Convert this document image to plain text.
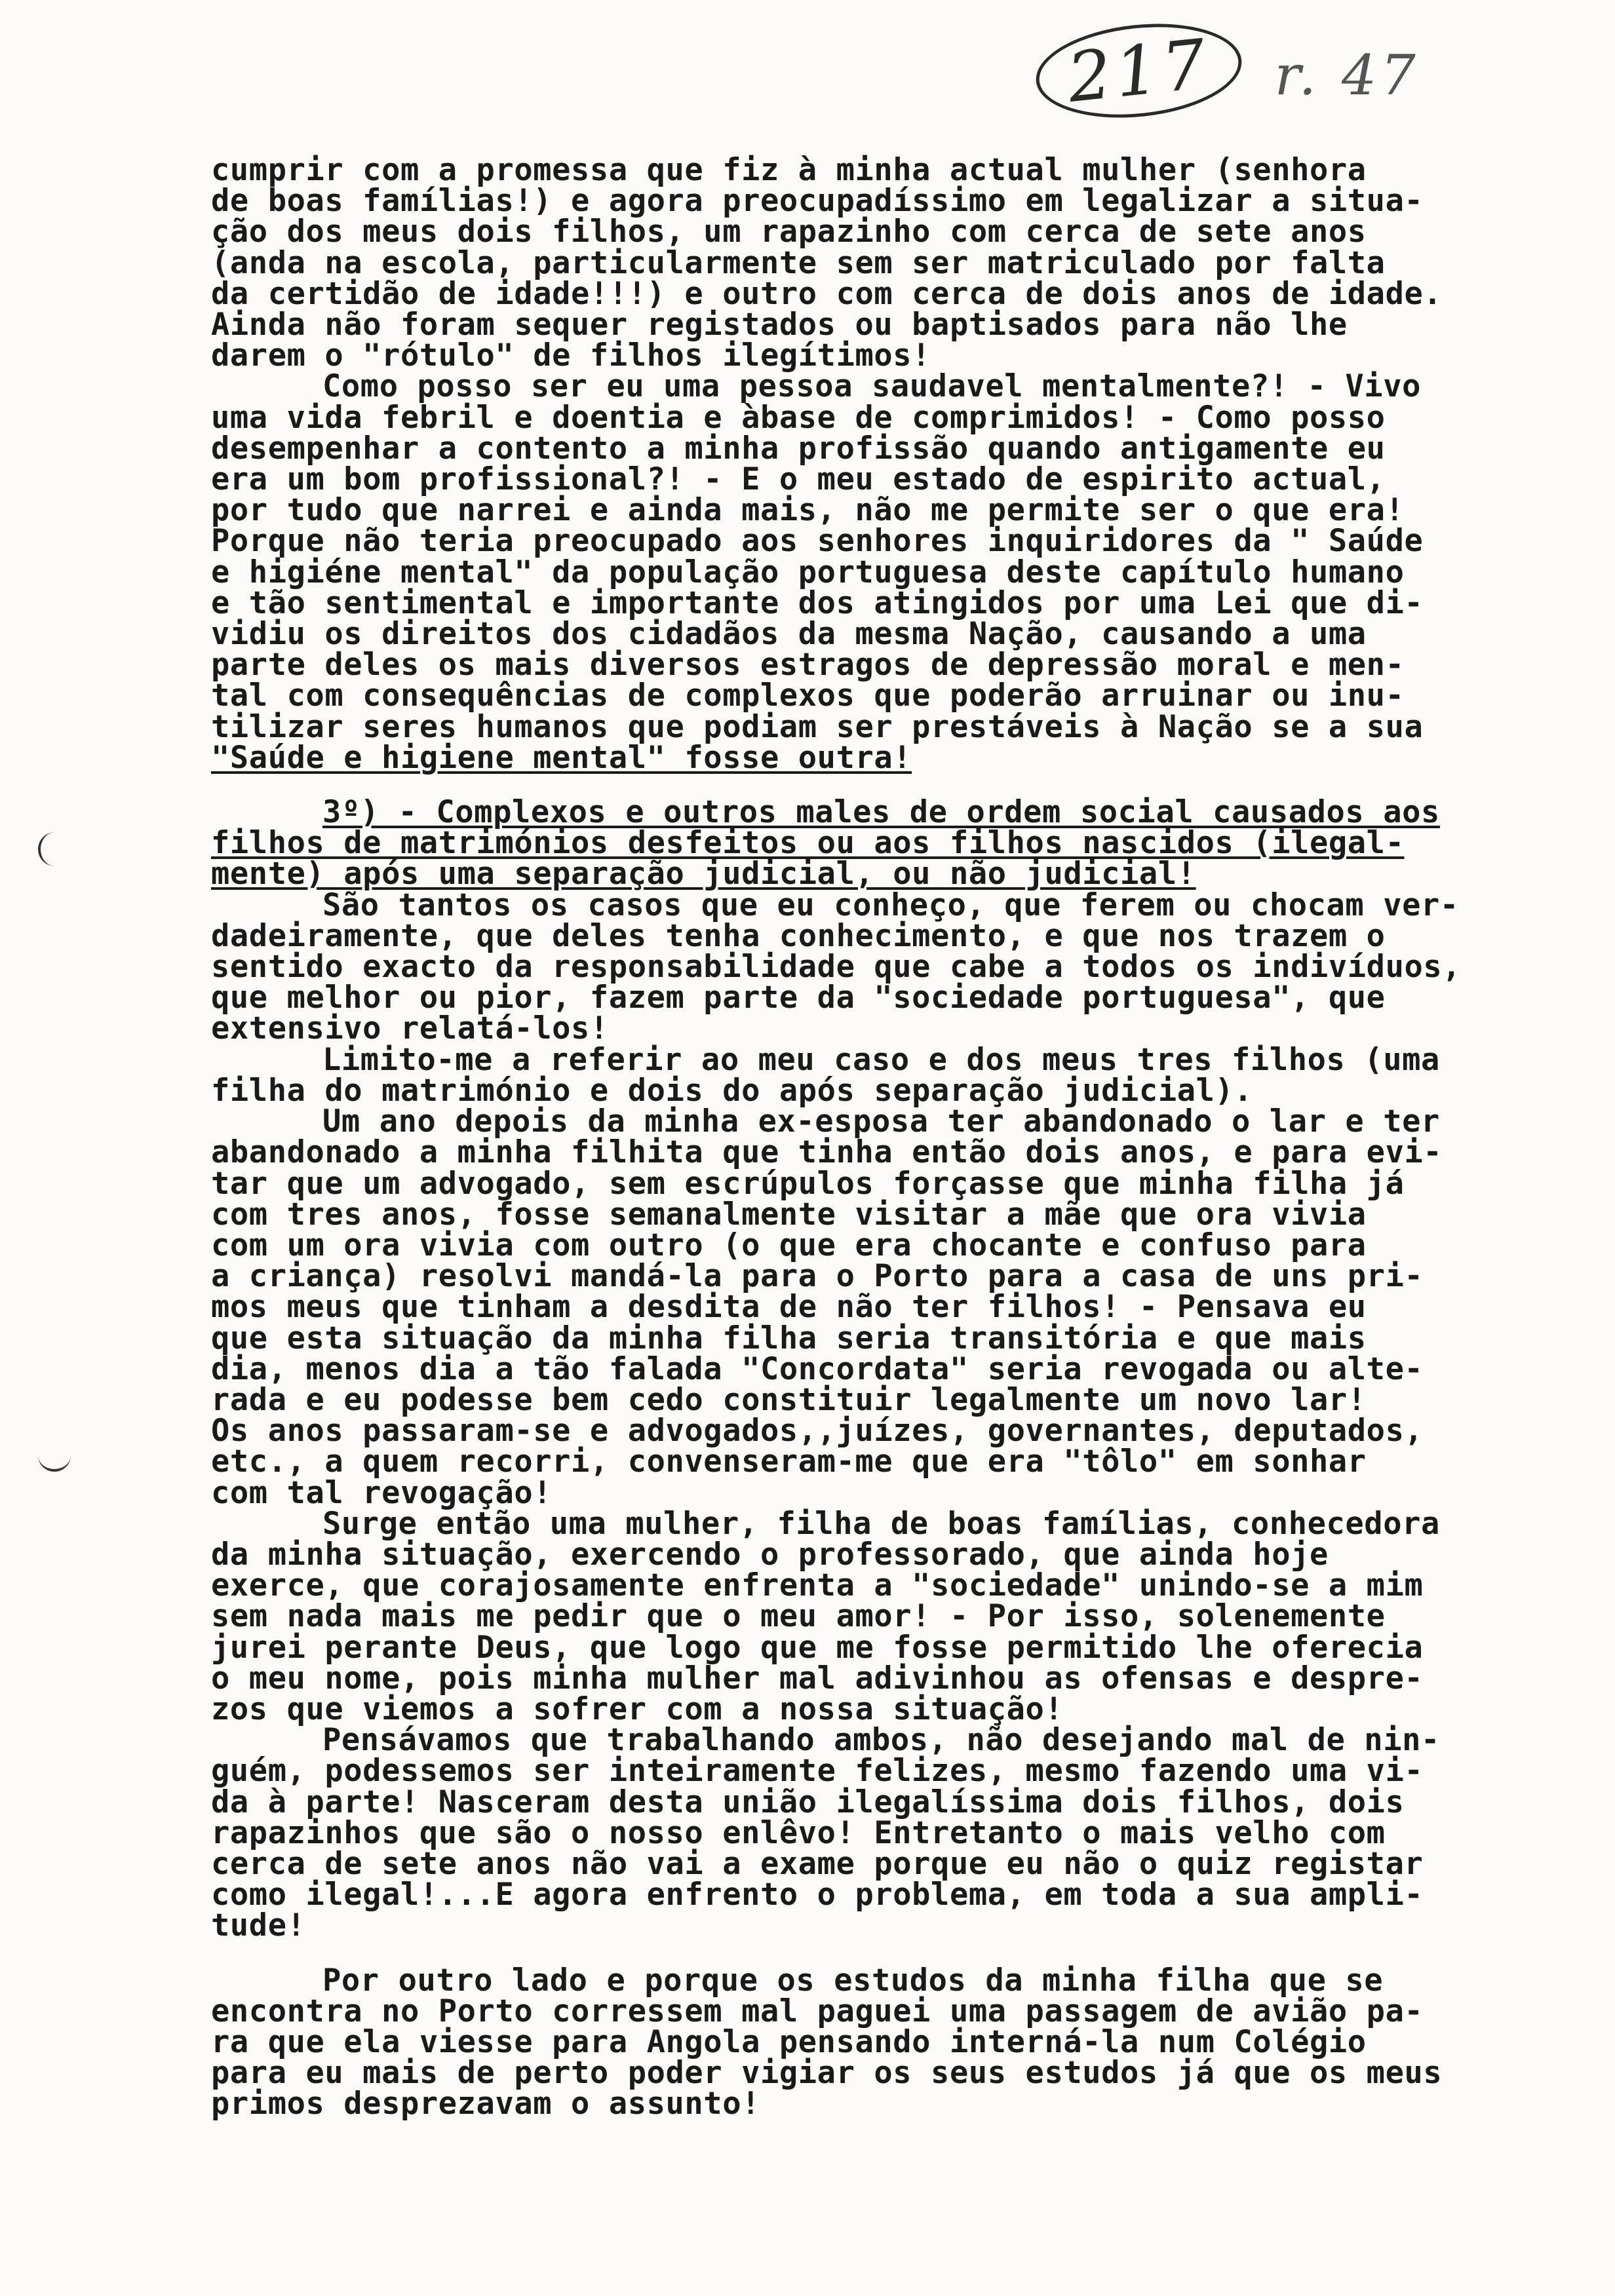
217 r. 47

cumprir com a promessa que fiz à minha actual mulher (senhora

de boas famílias!) e agora preocupadíssimo em legalizar a situa-

ção dos meus dois filhos, um rapazinho com cerca de sete anos

(anda na escola, particularmente sem ser matriculado por falta

da certidão de idade!!!) e outro com cerca de dois anos de idade.

Ainda não foram sequer registados ou baptisados para não lhe

darem o "rótulo" de filhos ilegítimos!

Como posso ser eu uma pessoa saudavel mentalmente?! - Vivo

uma vida febril e doentia e àbase de comprimidos! - Como posso

desempenhar a contento a minha profissão quando antigamente eu

era um bom profissional?! - E o meu estado de espirito actual,

por tudo que narrei e ainda mais, não me permite ser o que era!

Porque não teria preocupado aos senhores inquiridores da " Saúde

e higiéne mental" da população portuguesa deste capítulo humano

e tão sentimental e importante dos atingidos por uma Lei que di-

vidiu os direitos dos cidadãos da mesma Nação, causando a uma

parte deles os mais diversos estragos de depressão moral e men-

tal com consequências de complexos que poderão arruinar ou inu-

tilizar seres humanos que podiam ser prestáveis à Nação se a sua

"Saúde e higiene mental" fosse outra!

3º) - Complexos e outros males de ordem social causados aos

filhos de matrimónios desfeitos ou aos filhos nascidos (ilegal-

mente) após uma separação judicial, ou não judicial!

São tantos os casos que eu conheço, que ferem ou chocam ver-

dadeiramente, que deles tenha conhecimento, e que nos trazem o

sentido exacto da responsabilidade que cabe a todos os indivíduos,

que melhor ou pior, fazem parte da "sociedade portuguesa", que

extensivo relatá-los!

Limito-me a referir ao meu caso e dos meus tres filhos (uma

filha do matrimónio e dois do após separação judicial).

Um ano depois da minha ex-esposa ter abandonado o lar e ter

abandonado a minha filhita que tinha então dois anos, e para evi-

tar que um advogado, sem escrúpulos forçasse que minha filha já

com tres anos, fosse semanalmente visitar a mãe que ora vivia

com um ora vivia com outro (o que era chocante e confuso para

a criança) resolvi mandá-la para o Porto para a casa de uns pri-

mos meus que tinham a desdita de não ter filhos! - Pensava eu

que esta situação da minha filha seria transitória e que mais

dia, menos dia a tão falada "Concordata" seria revogada ou alte-

rada e eu podesse bem cedo constituir legalmente um novo lar!

Os anos passaram-se e advogados,,juízes, governantes, deputados,

etc., a quem recorri, convenseram-me que era "tôlo" em sonhar

com tal revogação!

Surge então uma mulher, filha de boas famílias, conhecedora

da minha situação, exercendo o professorado, que ainda hoje

exerce, que corajosamente enfrenta a "sociedade" unindo-se a mim

sem nada mais me pedir que o meu amor! - Por isso, solenemente

jurei perante Deus, que logo que me fosse permitido lhe oferecia

o meu nome, pois minha mulher mal adivinhou as ofensas e despre-

zos que viemos a sofrer com a nossa situação!

Pensávamos que trabalhando ambos, não desejando mal de nin-

guém, podessemos ser inteiramente felizes, mesmo fazendo uma vi-

da à parte! Nasceram desta união ilegalíssima dois filhos, dois

rapazinhos que são o nosso enlêvo! Entretanto o mais velho com

cerca de sete anos não vai a exame porque eu não o quiz registar

como ilegal!...E agora enfrento o problema, em toda a sua ampli-

tude!

Por outro lado e porque os estudos da minha filha que se

encontra no Porto corressem mal paguei uma passagem de avião pa-

ra que ela viesse para Angola pensando interná-la num Colégio

para eu mais de perto poder vigiar os seus estudos já que os meus

primos desprezavam o assunto!
